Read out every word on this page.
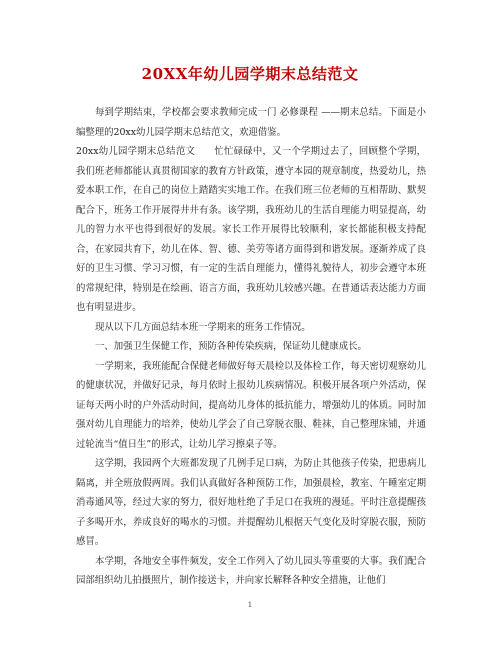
20XX年幼儿园学期末总结范文

每到学期结束，学校都会要求教师完成一门 必修课程 ——期末总结。下面是小编整理的20xx幼儿园学期末总结范文，欢迎借鉴。

20xx幼儿园学期末总结范文　　忙忙碌碌中，又一个学期过去了，回顾整个学期，我们班老师都能认真贯彻国家的教育方针政策，遵守本园的规章制度，热爱幼儿，热爱本职工作，在自己的岗位上踏踏实实地工作。在我们班三位老师的互相帮助、默契配合下，班务工作开展得井井有条。该学期，我班幼儿的生活自理能力明显提高，幼儿的智力水平也得到很好的发展。家长工作开展得比较顺利，家长都能积极支持配合，在家园共育下，幼儿在体、智、德、美劳等诸方面得到和谐发展。逐渐养成了良好的卫生习惯、学习习惯，有一定的生活自理能力，懂得礼貌待人，初步会遵守本班的常规纪律，特别是在绘画、语言方面，我班幼儿较感兴趣。在普通话表达能力方面也有明显进步。

现从以下几方面总结本班一学期来的班务工作情况。

一、加强卫生保健工作，预防各种传染疾病，保证幼儿健康成长。

一学期来，我班能配合保健老师做好每天晨检以及体检工作，每天密切观察幼儿的健康状况，并做好记录，每月依时上报幼儿疾病情况。积极开展各项户外活动，保证每天两小时的户外活动时间，提高幼儿身体的抵抗能力，增强幼儿的体质。同时加强对幼儿自理能力的培养，使幼儿学会了自己穿脱衣服、鞋袜，自己整理床铺，并通过轮流当“值日生”的形式，让幼儿学习擦桌子等。

这学期，我园两个大班都发现了几例手足口病，为防止其他孩子传染，把患病儿隔离，并全班放假两周。我们认真做好各种预防工作，加强晨检，教室、午睡室定期消毒通风等，经过大家的努力，很好地杜绝了手足口在我班的漫延。平时注意提醒孩子多喝开水，养成良好的喝水的习惯。并提醒幼儿根据天气变化及时穿脱衣服，预防感冒。

本学期，各地安全事件频发，安全工作列入了幼儿园头等重要的大事。我们配合园部组织幼儿拍摄照片，制作接送卡，并向家长解释各种安全措施，让他们

1
